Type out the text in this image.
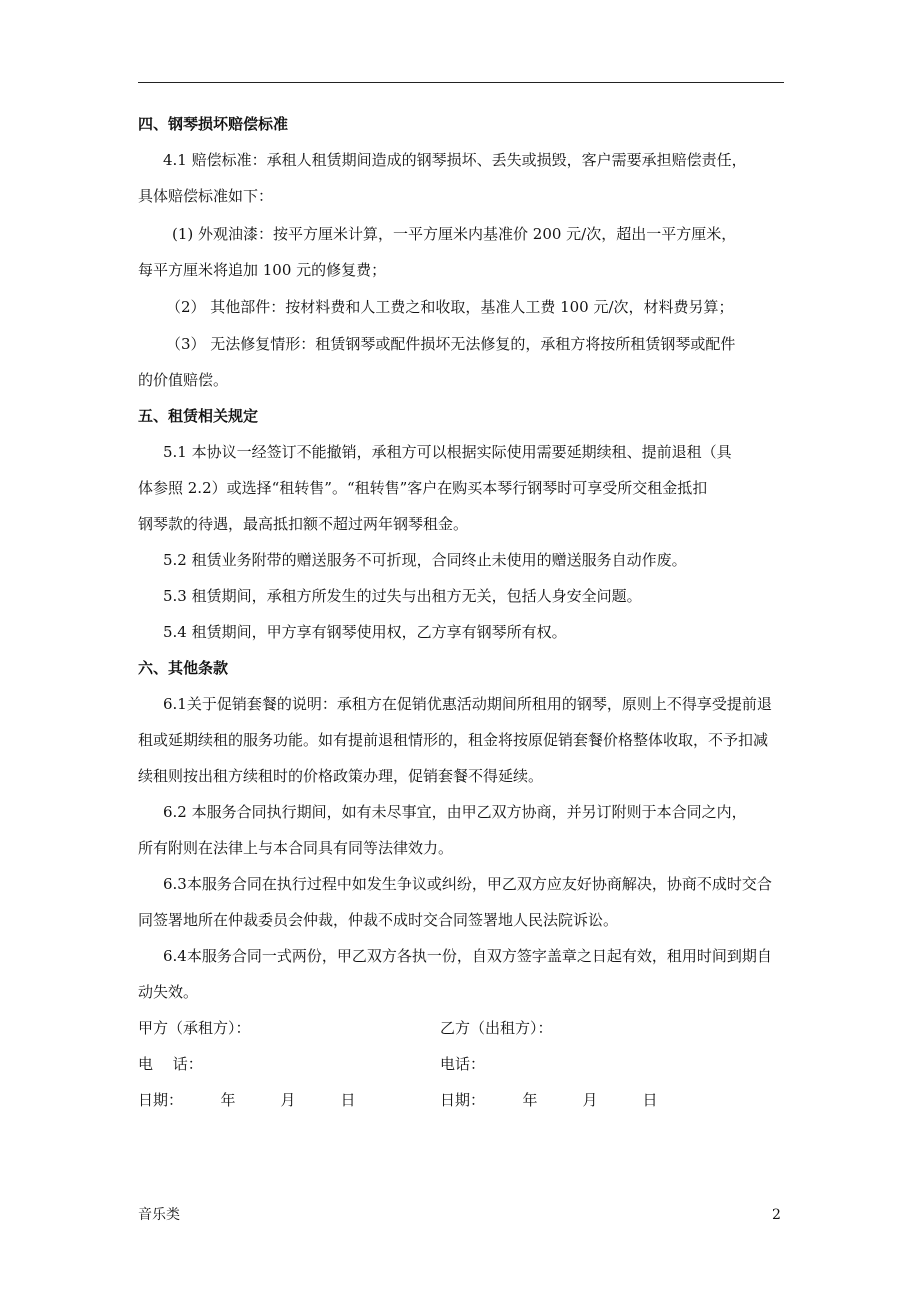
四、钢琴损坏赔偿标准
4.1 赔偿标准：承租人租赁期间造成的钢琴损坏、丢失或损毁，客户需要承担赔偿责任，
具体赔偿标准如下：
(1) 外观油漆：按平方厘米计算，一平方厘米内基准价 200 元/次，超出一平方厘米，
每平方厘米将追加 100 元的修复费；
（2） 其他部件：按材料费和人工费之和收取，基准人工费 100 元/次，材料费另算；
（3） 无法修复情形：租赁钢琴或配件损坏无法修复的，承租方将按所租赁钢琴或配件
的价值赔偿。
五、租赁相关规定
5.1 本协议一经签订不能撤销，承租方可以根据实际使用需要延期续租、提前退租（具
体参照 2.2）或选择“租转售”。“租转售”客户在购买本琴行钢琴时可享受所交租金抵扣
钢琴款的待遇，最高抵扣额不超过两年钢琴租金。
5.2 租赁业务附带的赠送服务不可折现，合同终止未使用的赠送服务自动作废。
5.3 租赁期间，承租方所发生的过失与出租方无关，包括人身安全问题。
5.4 租赁期间，甲方享有钢琴使用权，乙方享有钢琴所有权。
六、其他条款
6.1关于促销套餐的说明：承租方在促销优惠活动期间所租用的钢琴，原则上不得享受提前退
租或延期续租的服务功能。如有提前退租情形的，租金将按原促销套餐价格整体收取，不予扣减
续租则按出租方续租时的价格政策办理，促销套餐不得延续。
6.2 本服务合同执行期间，如有未尽事宜，由甲乙双方协商，并另订附则于本合同之内，
所有附则在法律上与本合同具有同等法律效力。
6.3本服务合同在执行过程中如发生争议或纠纷，甲乙双方应友好协商解决，协商不成时交合
同签署地所在仲裁委员会仲裁，仲裁不成时交合同签署地人民法院诉讼。
6.4本服务合同一式两份，甲乙双方各执一份，自双方签字盖章之日起有效，租用时间到期自
动失效。
甲方（承租方）：	乙方（出租方）：
电　 话：	电话：
日期：　　　年　　　月　　　日	日期：　　　年　　　月　　　日
音乐类	2
